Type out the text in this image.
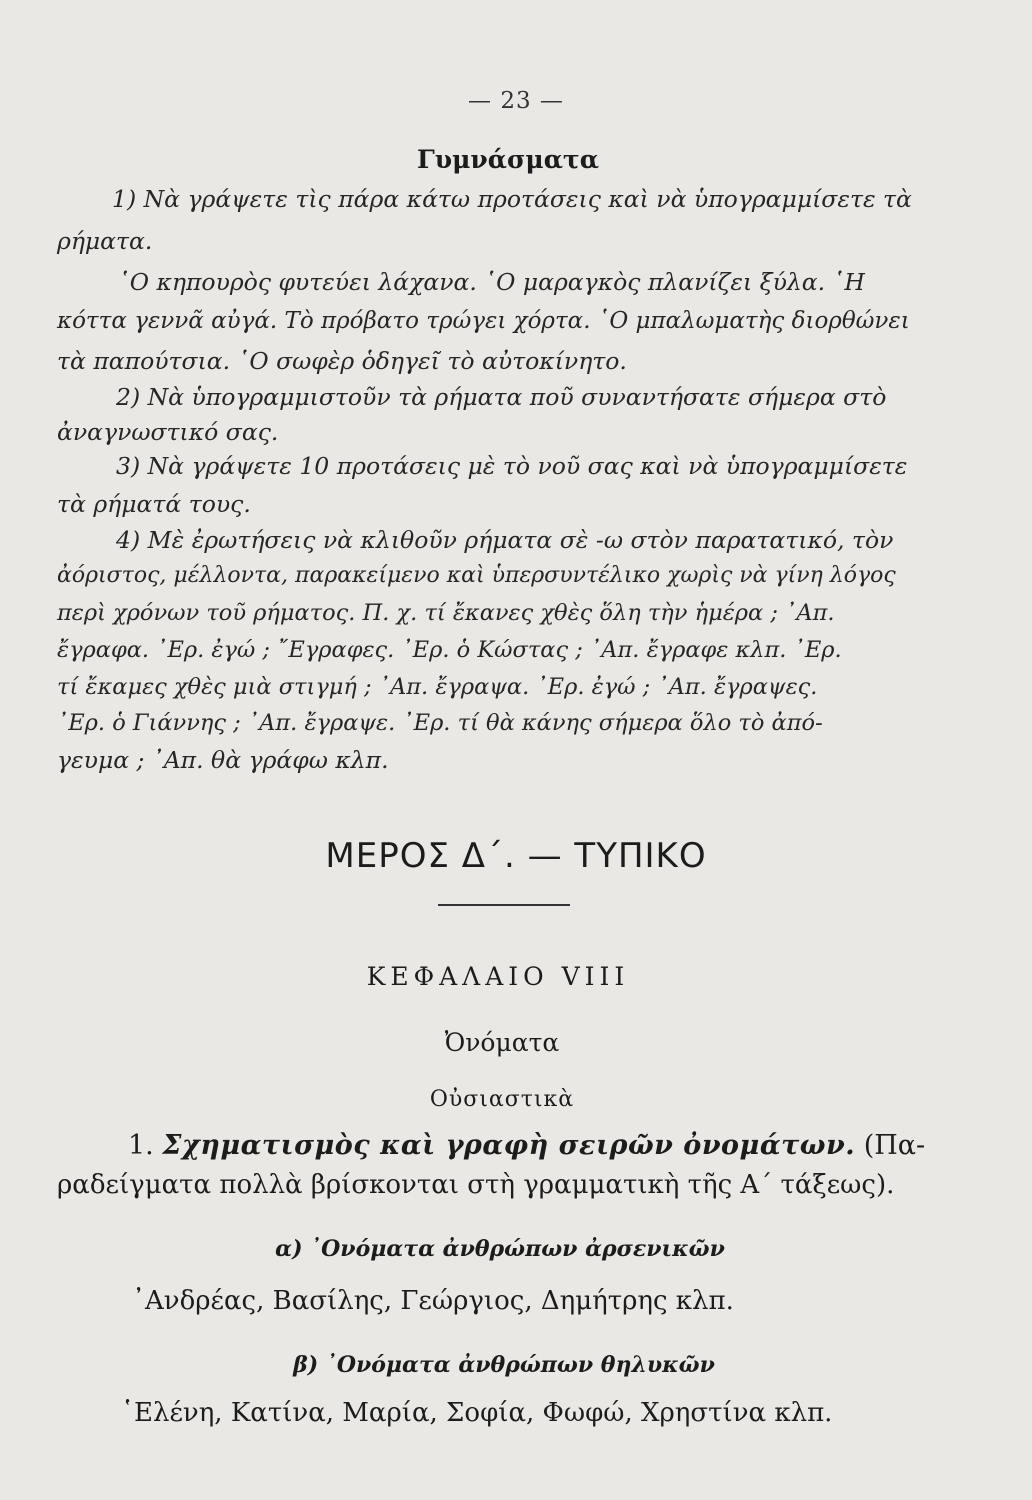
— 23 —
Γυμνάσματα
1) Νὰ γράψετε τὶς πάρα κάτω προτάσεις καὶ νὰ ὑπογραμμίσετε τὰ
ρήματα.
῾Ο κηπουρὸς φυτεύει λάχανα. ῾Ο μαραγκὸς πλανίζει ξύλα. ῾Η
κόττα γεννᾶ αὐγά. Τὸ πρόβατο τρώγει χόρτα. ῾Ο μπαλωματὴς διορθώνει
τὰ παπούτσια. ῾Ο σωφὲρ ὁδηγεῖ τὸ αὐτοκίνητο.
2) Νὰ ὑπογραμμιστοῦν τὰ ρήματα ποῦ συναντήσατε σήμερα στὸ
ἀναγνωστικό σας.
3) Νὰ γράψετε 10 προτάσεις μὲ τὸ νοῦ σας καὶ νὰ ὑπογραμμίσετε
τὰ ρήματά τους.
4) Μὲ ἐρωτήσεις νὰ κλιθοῦν ρήματα σὲ -ω στὸν παρατατικό, τὸν
ἀόριστος, μέλλοντα, παρακείμενο καὶ ὑπερσυντέλικο χωρὶς νὰ γίνη λόγος
περὶ χρόνων τοῦ ρήματος. Π. χ. τί ἔκανες χθὲς ὅλη τὴν ἡμέρα ; ᾿Απ.
ἔγραφα. ᾿Ερ. ἐγώ ; ῎Εγραφες. ᾿Ερ. ὁ Κώστας ; ᾿Απ. ἔγραφε κλπ. ᾿Ερ.
τί ἔκαμες χθὲς μιὰ στιγμή ; ᾿Απ. ἔγραψα. ᾿Ερ. ἐγώ ; ᾿Απ. ἔγραψες.
᾿Ερ. ὁ Γιάννης ; ᾿Απ. ἔγραψε. ᾿Ερ. τί θὰ κάνης σήμερα ὅλο τὸ ἀπό-
γευμα ; ᾿Απ. θὰ γράφω κλπ.
ΜΕΡΟΣ Δ΄. — ΤΥΠΙΚΟ
ΚΕΦΑΛΑΙΟ VIII
Ὀνόματα
Οὐσιαστικὰ
1. Σχηματισμὸς καὶ γραφὴ σειρῶν ὀνομάτων. (Πα-
ραδείγματα πολλὰ βρίσκονται στὴ γραμματικὴ τῆς Α΄ τάξεως).
α) ᾿Ονόματα ἀνθρώπων ἀρσενικῶν
᾿Ανδρέας, Βασίλης, Γεώργιος, Δημήτρης κλπ.
β) ᾿Ονόματα ἀνθρώπων θηλυκῶν
῾Ελένη, Κατίνα, Μαρία, Σοφία, Φωφώ, Χρηστίνα κλπ.
